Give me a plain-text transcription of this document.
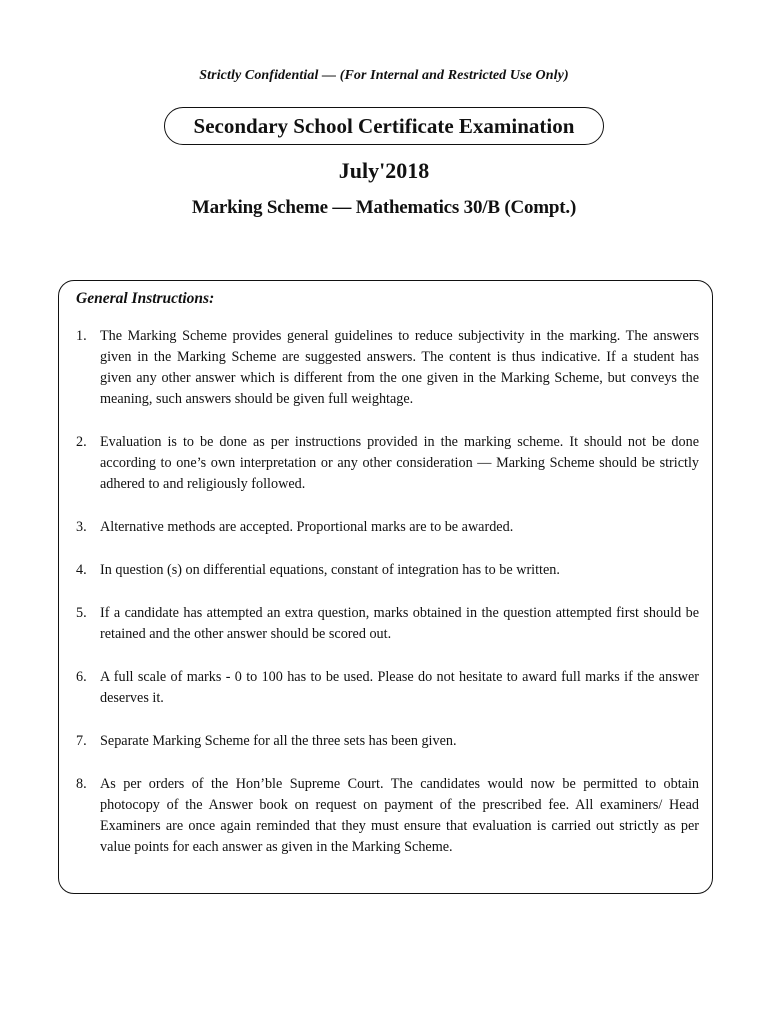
Strictly Confidential — (For Internal and Restricted Use Only)
Secondary School Certificate Examination
July'2018
Marking Scheme — Mathematics 30/B (Compt.)
General Instructions:
1. The Marking Scheme provides general guidelines to reduce subjectivity in the marking. The answers given in the Marking Scheme are suggested answers. The content is thus indicative. If a student has given any other answer which is different from the one given in the Marking Scheme, but conveys the meaning, such answers should be given full weightage.
2. Evaluation is to be done as per instructions provided in the marking scheme. It should not be done according to one’s own interpretation or any other consideration — Marking Scheme should be strictly adhered to and religiously followed.
3. Alternative methods are accepted. Proportional marks are to be awarded.
4. In question (s) on differential equations, constant of integration has to be written.
5. If a candidate has attempted an extra question, marks obtained in the question attempted first should be retained and the other answer should be scored out.
6. A full scale of marks - 0 to 100 has to be used. Please do not hesitate to award full marks if the answer deserves it.
7. Separate Marking Scheme for all the three sets has been given.
8. As per orders of the Hon’ble Supreme Court. The candidates would now be permitted to obtain photocopy of the Answer book on request on payment of the prescribed fee. All examiners/ Head Examiners are once again reminded that they must ensure that evaluation is carried out strictly as per value points for each answer as given in the Marking Scheme.
